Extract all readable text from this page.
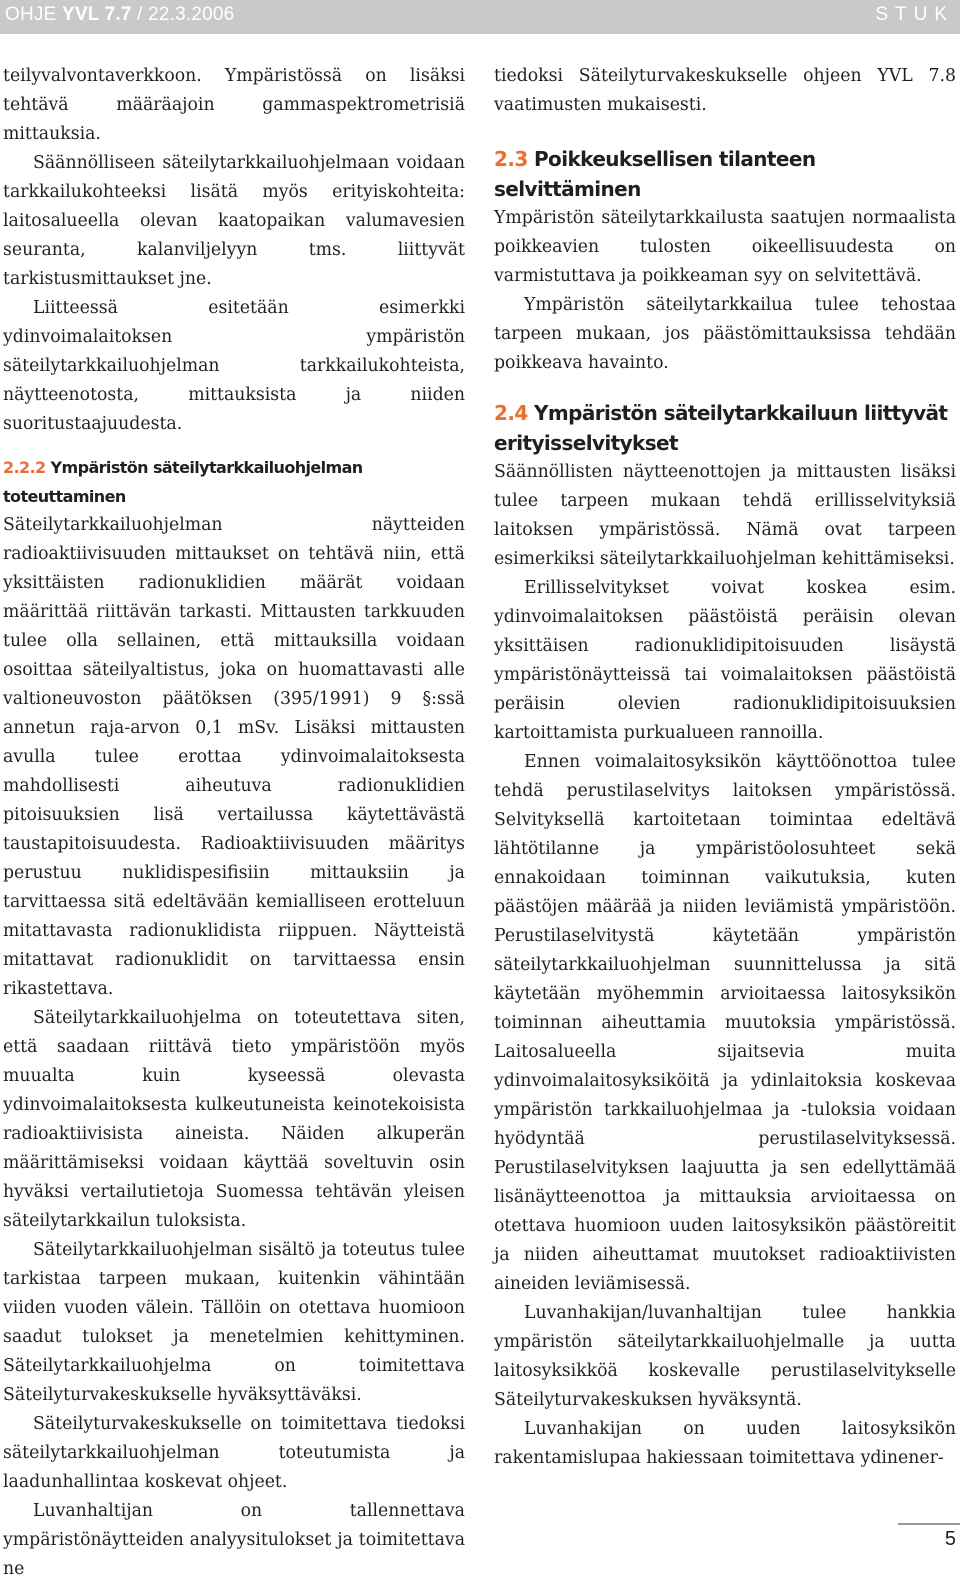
OHJE YVL 7.7 / 22.3.2006	STUK

teilyvalvontaverkkoon. Ympäristössä on lisäksi tehtävä määräajoin gammaspektrometrisiä mittauksia.

Säännölliseen säteilytarkkailuohjelmaan voidaan tarkkailukohteeksi lisätä myös erityiskohteita: laitosalueella olevan kaatopaikan valumavesien seuranta, kalanviljelyyn tms. liittyvät tarkistusmittaukset jne.

Liitteessä esitetään esimerkki ydinvoimalaitoksen ympäristön säteilytarkkailuohjelman tarkkailukohteista, näytteenotosta, mittauksista ja niiden suoritustaajuudesta.

2.2.2 Ympäristön säteilytarkkailuohjelman toteuttaminen

Säteilytarkkailuohjelman näytteiden radioaktiivisuuden mittaukset on tehtävä niin, että yksittäisten radionuklidien määrät voidaan määrittää riittävän tarkasti. Mittausten tarkkuuden tulee olla sellainen, että mittauksilla voidaan osoittaa säteilyaltistus, joka on huomattavasti alle valtioneuvoston päätöksen (395/1991) 9 §:ssä annetun raja-arvon 0,1 mSv. Lisäksi mittausten avulla tulee erottaa ydinvoimalaitoksesta mahdollisesti aiheutuva radionuklidien pitoisuuksien lisä vertailussa käytettävästä taustapitoisuudesta. Radioaktiivisuuden määritys perustuu nuklidispesifisiin mittauksiin ja tarvittaessa sitä edeltävään kemialliseen erotteluun mitattavasta radionuklidista riippuen. Näytteistä mitattavat radionuklidit on tarvittaessa ensin rikastettava.

Säteilytarkkailuohjelma on toteutettava siten, että saadaan riittävä tieto ympäristöön myös muualta kuin kyseessä olevasta ydinvoimalaitoksesta kulkeutuneista keinotekoisista radioaktiivisista aineista. Näiden alkuperän määrittämiseksi voidaan käyttää soveltuvin osin hyväksi vertailutietoja Suomessa tehtävän yleisen säteilytarkkailun tuloksista.

Säteilytarkkailuohjelman sisältö ja toteutus tulee tarkistaa tarpeen mukaan, kuitenkin vähintään viiden vuoden välein. Tällöin on otettava huomioon saadut tulokset ja menetelmien kehittyminen. Säteilytarkkailuohjelma on toimitettava Säteilyturvakeskukselle hyväksyttäväksi.

Säteilyturvakeskukselle on toimitettava tiedoksi säteilytarkkailuohjelman toteutumista ja laadunhallintaa koskevat ohjeet.

Luvanhaltijan on tallennettava ympäristönäytteiden analyysitulokset ja toimitettava ne

tiedoksi Säteilyturvakeskukselle ohjeen YVL 7.8 vaatimusten mukaisesti.

2.3 Poikkeuksellisen tilanteen selvittäminen

Ympäristön säteilytarkkailusta saatujen normaalista poikkeavien tulosten oikeellisuudesta on varmistuttava ja poikkeaman syy on selvitettävä.

Ympäristön säteilytarkkailua tulee tehostaa tarpeen mukaan, jos päästömittauksissa tehdään poikkeava havainto.

2.4 Ympäristön säteilytarkkailuun liittyvät erityisselvitykset

Säännöllisten näytteenottojen ja mittausten lisäksi tulee tarpeen mukaan tehdä erillisselvityksiä laitoksen ympäristössä. Nämä ovat tarpeen esimerkiksi säteilytarkkailuohjelman kehittämiseksi.

Erillisselvitykset voivat koskea esim. ydinvoimalaitoksen päästöistä peräisin olevan yksittäisen radionuklidipitoisuuden lisäystä ympäristönäytteissä tai voimalaitoksen päästöistä peräisin olevien radionuklidipitoisuuksien kartoittamista purkualueen rannoilla.

Ennen voimalaitosyksikön käyttöönottoa tulee tehdä perustilaselvitys laitoksen ympäristössä. Selvityksellä kartoitetaan toimintaa edeltävä lähtötilanne ja ympäristöolosuhteet sekä ennakoidaan toiminnan vaikutuksia, kuten päästöjen määrää ja niiden leviämistä ympäristöön. Perustilaselvitystä käytetään ympäristön säteilytarkkailuohjelman suunnittelussa ja sitä käytetään myöhemmin arvioitaessa laitosyksikön toiminnan aiheuttamia muutoksia ympäristössä. Laitosalueella sijaitsevia muita ydinvoimalaitosyksiköitä ja ydinlaitoksia koskevaa ympäristön tarkkailuohjelmaa ja -tuloksia voidaan hyödyntää perustilaselvityksessä. Perustilaselvityksen laajuutta ja sen edellyttämää lisänäytteenottoa ja mittauksia arvioitaessa on otettava huomioon uuden laitosyksikön päästöreitit ja niiden aiheuttamat muutokset radioaktiivisten aineiden leviämisessä.

Luvanhakijan/luvanhaltijan tulee hankkia ympäristön säteilytarkkailuohjelmalle ja uutta laitosyksikköä koskevalle perustilaselvitykselle Säteilyturvakeskuksen hyväksyntä.

Luvanhakijan on uuden laitosyksikön rakentamislupaa hakiessaan toimitettava ydinener-

5
